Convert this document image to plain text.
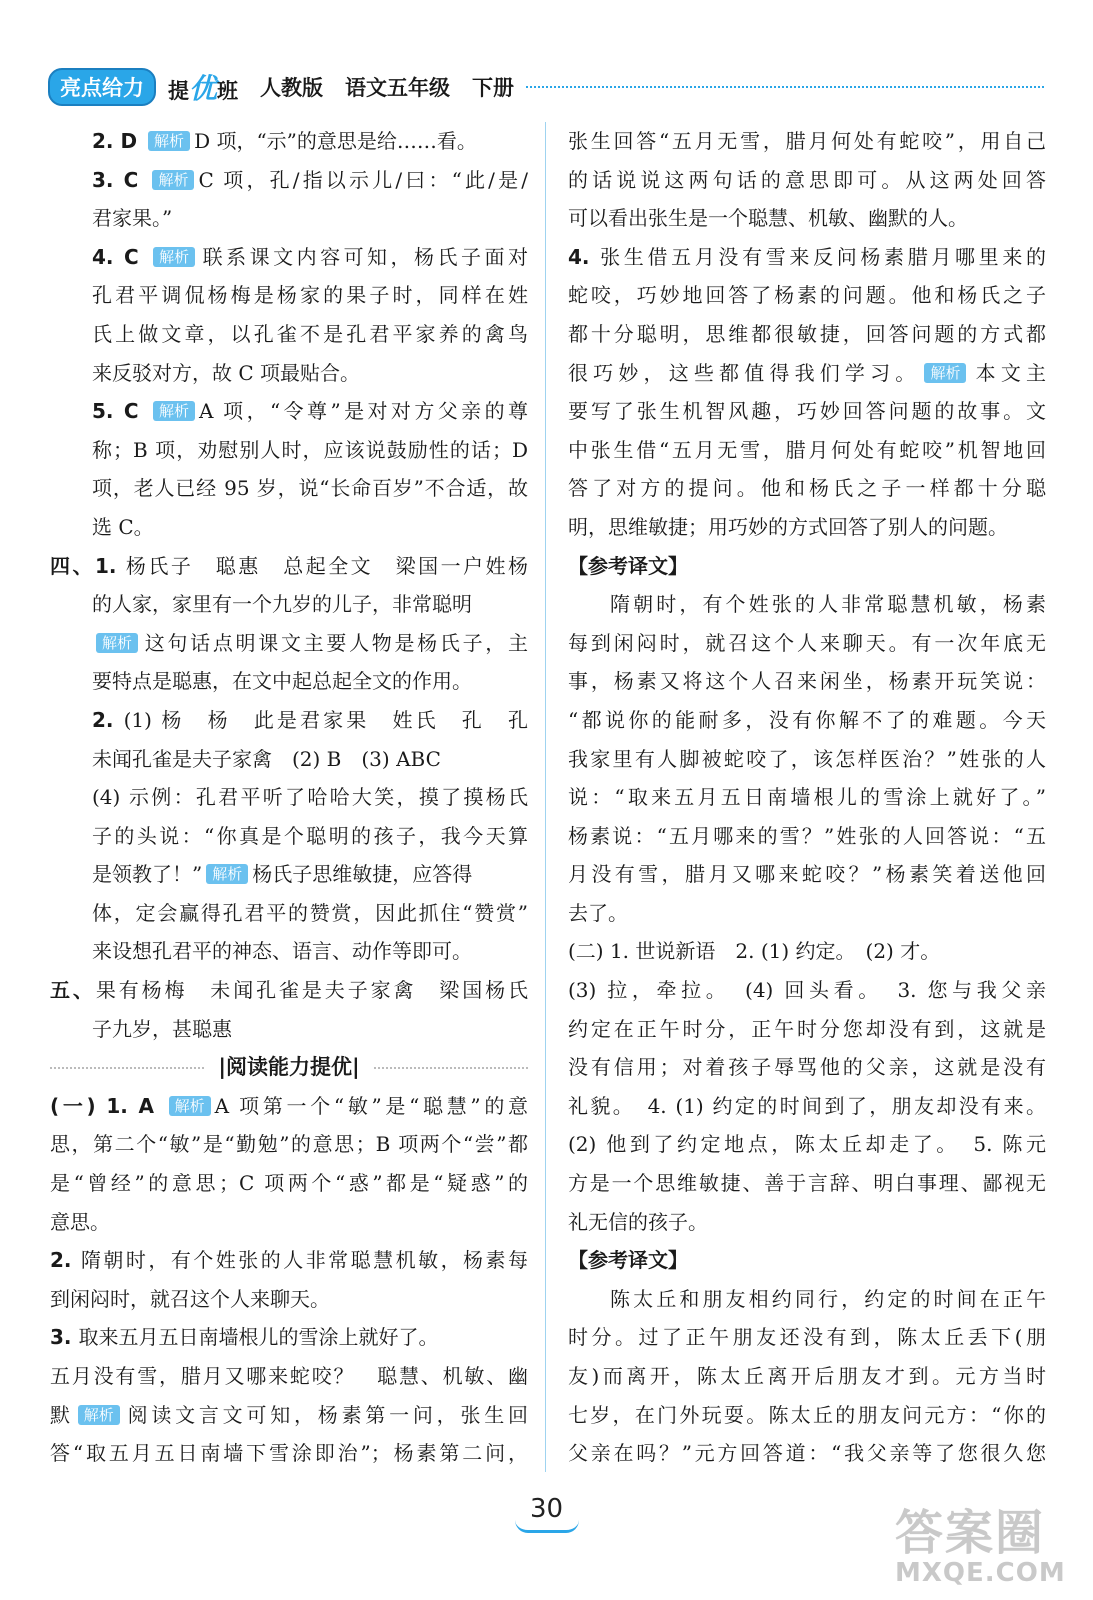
亮点给力	提优班 人教版 语文五年级 下册
2. D 解析 D 项，“示”的意思是给……看。
3. C 解析 C 项，孔/指以示儿/曰：“此/是/
君家果。”
4. C 解析 联系课文内容可知，杨氏子面对
孔君平调侃杨梅是杨家的果子时，同样在姓
氏上做文章，以孔雀不是孔君平家养的禽鸟
来反驳对方，故 C 项最贴合。
5. C 解析 A 项，“令尊”是对对方父亲的尊
称；B 项，劝慰别人时，应该说鼓励性的话；D
项，老人已经 95 岁，说“长命百岁”不合适，故
选 C。
四、1. 杨氏子　聪惠　总起全文　梁国一户姓杨
的人家，家里有一个九岁的儿子，非常聪明
解析 这句话点明课文主要人物是杨氏子，主
要特点是聪惠，在文中起总起全文的作用。
2. (1) 杨　杨　此是君家果　姓氏　孔　孔
未闻孔雀是夫子家禽　(2) B　(3) ABC
(4) 示例：孔君平听了哈哈大笑，摸了摸杨氏
子的头说：“你真是个聪明的孩子，我今天算
是领教了！” 解析 杨氏子思维敏捷，应答得
体，定会赢得孔君平的赞赏，因此抓住“赞赏”
来设想孔君平的神态、语言、动作等即可。
五、果有杨梅　未闻孔雀是夫子家禽　梁国杨氏
子九岁，甚聪惠
|阅读能力提优|
(一) 1. A 解析 A 项第一个“敏”是“聪慧”的意
思，第二个“敏”是“勤勉”的意思；B 项两个“尝”都
是“曾经”的意思；C 项两个“惑”都是“疑惑”的
意思。
2. 隋朝时，有个姓张的人非常聪慧机敏，杨素每
到闲闷时，就召这个人来聊天。
3. 取来五月五日南墙根儿的雪涂上就好了。
五月没有雪，腊月又哪来蛇咬？　聪慧、机敏、幽
默 解析 阅读文言文可知，杨素第一问，张生回
答“取五月五日南墙下雪涂即治”；杨素第二问，
张生回答“五月无雪，腊月何处有蛇咬”，用自己
的话说说这两句话的意思即可。从这两处回答
可以看出张生是一个聪慧、机敏、幽默的人。
4. 张生借五月没有雪来反问杨素腊月哪里来的
蛇咬，巧妙地回答了杨素的问题。他和杨氏之子
都十分聪明，思维都很敏捷，回答问题的方式都
很巧妙，这些都值得我们学习。 解析 本文主
要写了张生机智风趣，巧妙回答问题的故事。文
中张生借“五月无雪，腊月何处有蛇咬”机智地回
答了对方的提问。他和杨氏之子一样都十分聪
明，思维敏捷；用巧妙的方式回答了别人的问题。
【参考译文】
隋朝时，有个姓张的人非常聪慧机敏，杨素
每到闲闷时，就召这个人来聊天。有一次年底无
事，杨素又将这个人召来闲坐，杨素开玩笑说：
“都说你的能耐多，没有你解不了的难题。今天
我家里有人脚被蛇咬了，该怎样医治？”姓张的人
说：“取来五月五日南墙根儿的雪涂上就好了。”
杨素说：“五月哪来的雪？”姓张的人回答说：“五
月没有雪，腊月又哪来蛇咬？”杨素笑着送他回
去了。
(二) 1. 世说新语　2. (1) 约定。　(2) 才。
(3) 拉，牵拉。　(4) 回头看。　3. 您与我父亲
约定在正午时分，正午时分您却没有到，这就是
没有信用；对着孩子辱骂他的父亲，这就是没有
礼貌。　4. (1) 约定的时间到了，朋友却没有来。
(2) 他到了约定地点，陈太丘却走了。　5. 陈元
方是一个思维敏捷、善于言辞、明白事理、鄙视无
礼无信的孩子。
【参考译文】
陈太丘和朋友相约同行，约定的时间在正午
时分。过了正午朋友还没有到，陈太丘丢下(朋
友)而离开，陈太丘离开后朋友才到。元方当时
七岁，在门外玩耍。陈太丘的朋友问元方：“你的
父亲在吗？”元方回答道：“我父亲等了您很久您
30	答案圈
MXQE.COM
